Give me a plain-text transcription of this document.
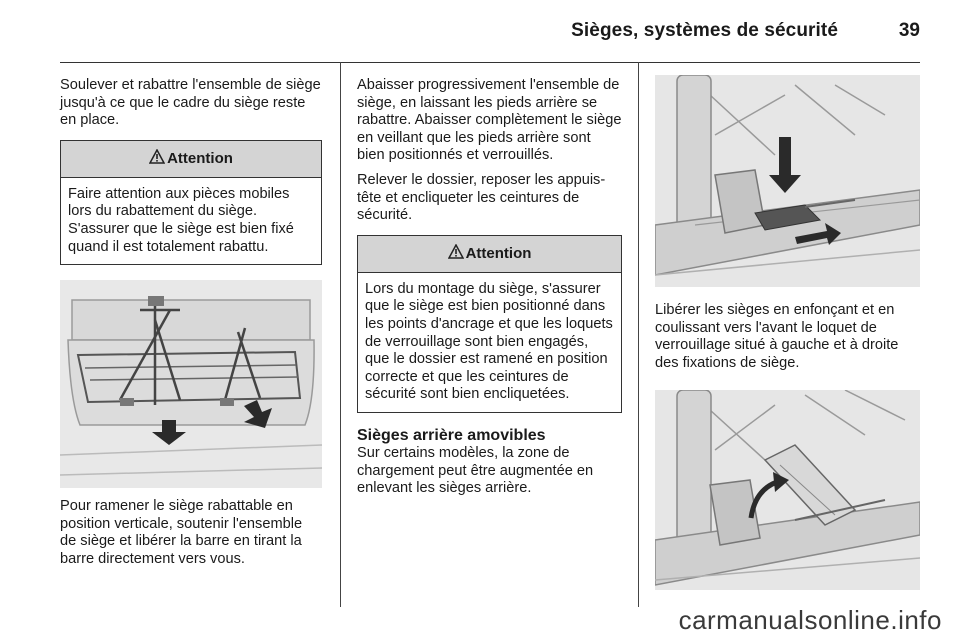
Sièges, systèmes de sécurité	39

Soulever et rabattre l'ensemble de siège jusqu'à ce que le cadre du siège reste en place.

Attention
Faire attention aux pièces mobiles lors du rabattement du siège. S'assurer que le siège est bien fixé quand il est totalement rabattu.

Pour ramener le siège rabattable en position verticale, soutenir l'ensemble de siège et libérer la barre en tirant la barre directement vers vous.

Abaisser progressivement l'ensemble de siège, en laissant les pieds arrière se rabattre. Abaisser complètement le siège en veillant que les pieds arrière sont bien positionnés et verrouillés.

Relever le dossier, reposer les appuis-tête et encliqueter les ceintures de sécurité.

Attention
Lors du montage du siège, s'assurer que le siège est bien positionné dans les points d'ancrage et que les loquets de verrouillage sont bien engagés, que le dossier est ramené en position correcte et que les ceintures de sécurité sont bien encliquetées.

Sièges arrière amovibles

Sur certains modèles, la zone de chargement peut être augmentée en enlevant les sièges arrière.

Libérer les sièges en enfonçant et en coulissant vers l'avant le loquet de verrouillage situé à gauche et à droite des fixations de siège.

carmanualsonline.info
